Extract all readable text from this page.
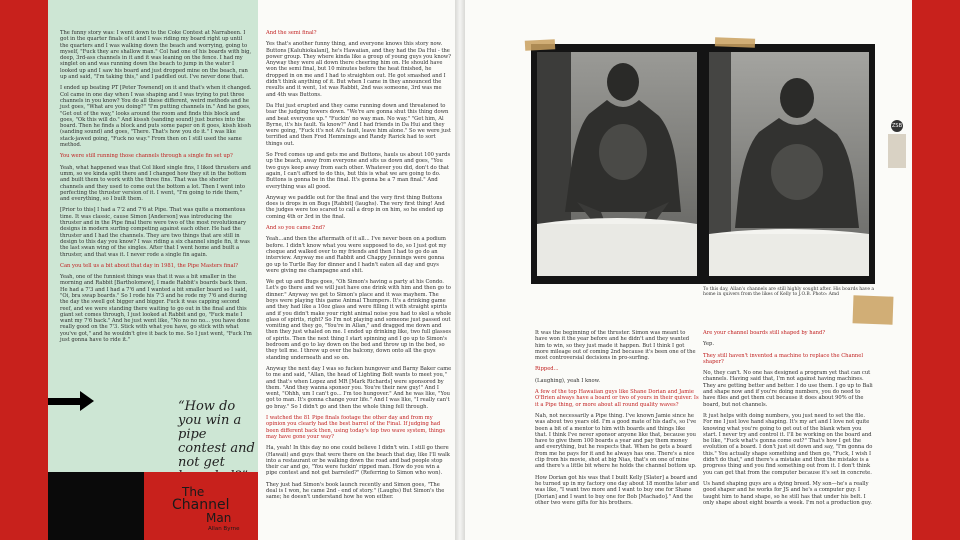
The funny story was: I went down to the Coke Contest at Narrabeen. I got in the quarter finals of it and I was riding my board right up until the quarters and I was walking down the beach and worrying, going to myself, "Fuck they are shallow man." Col had one of his boards with big, deep, 3rd-ass channels in it and it was leaning on the fence. I had my singlet on and was running down the beach to jump in the water I looked up and I saw his board and just dropped mine on the beach, ran up and said, "I'm taking this," and I paddled out. I've never done that.

I ended up beating PT [Peter Townend] on it and that's when it changed. Col came in one day when I was shaping and I was trying to put three channels in you know? You do all these different, weird methods and he just goes, "What are you doing?" "I'm putting channels in." And he goes, "Get out of the way," looks around the room and finds this block and goes, "Ok this will do." And kisssh (sanding sound) just buries into the board. Then he finds a block and puts some paper on it goes, kissh kissh (sanding sound) and goes, "There. That's how you do it." I was like stack-jawed going, "Fuck no way." From then on I still used the same method.

You were still running those channels through a single fin set up?

Yeah, what happened was that Col liked single fins, I liked thrusters and umm, so we kinda split there and I changed how they sit in the bottom and built them to work with the three fins. That was the shorter channels and they used to come out the bottom a lot. Then I went into perfecting the thruster version of it. I went, "I'm going to ride them," and everything, so I built them.

[Prior to this] I had a 7'2 and 7'6 at Pipe. That was quite a momentous time. It was classic, cause Simon [Anderson] was introducing the thruster and in the Pipe final there were two of the most revolutionary designs in modern surfing competing against each other. He had the thruster and I had the channels. They are two things that are still in design to this day you know? I was riding a six channel single fin, it was the last swan wing of the singles. After that I went home and built a thruster, and that was it. I never rode a single fin again.

Can you tell us a bit about that day in 1981, the Pipe Masters final?

Yeah, one of the funniest things was that it was a bit smaller in the morning and Rabbit [Bartholomew], I made Rabbit's boards back then. He had a 7'3 and I had a 7'6 and I wanted a bit smaller board so I said, "Oi, bra swap boards." So I rode his 7'3 and he rode my 7'6 and during the day the swell got bigger and bigger. Fuck it was capping second reef, and we were standing there waiting to go out in the final and this giant set comes through, I just looked at Rabbit and go, "Fuck mate I want my 7'6 back." And he just went like, "No no no no... you have done really good on the 7'3. Stick with what you have, go stick with what you've got," and he wouldn't give it back to me. So I just went, "Fuck I'm just gonna have to ride it."

And the semi final?

Yes that's another funny thing, and everyone knows this story now. Buttons [Kaluhiokalani], he's Hawaiian, and they had the Da Hui - the power group. They where kinda like a group of young guys you know? Anyway they were all down there cheering him on. He should have won the semi final, but 10 minutes before the heat finished, he dropped in on me and I had to straighten out. He got smashed and I didn't think anything of it. But when I came in they announced the results and it went, 1st was Rabbit, 2nd was someone, 3rd was me and 4th was Buttons.

Da Hui just erupted and they came running down and threatened to tear the judging towers down. "We're are gonna shut this thing down and beat everyone up." "Fuckin' no way man. No way." "Get him, Al Byrne, it's his fault. Ya know?" And I had friends in Da Hui and they were going, "Fuck it's not Al's fault, leave him alone." So we were just terrified and then Fred Hemmings and Randy Rarick had to sort things out.

So Fred comes up and gets me and Buttons, hauls us about 100 yards up the beach, away from everyone and sits us down and goes, "You two guys keep away from each other. Whatever you did, don't do that again, I can't afford to do this, but this is what we are going to do. Buttons is gonna be in the final. It's gonna be a 7 man final." And everything was all good.

Anyway we paddle out for the final and the very first thing Buttons does is drops in on Bugs [Rabbit] (laughs). The very first thing! And the judges were too scared to call a drop in on him, so he ended up coming 4th or 3rd in the final.

And so you came 2nd?

Yeah...and then the aftermath of it all... I've never been on a podium before. I didn't know what you were supposed to do, so I just got my cheque and walked over to my friends and then I had to go do an interview. Anyway me and Rabbit and Chappy Jennings were gonna go up to Turtle Bay for dinner and I hadn't eaten all day and guys were giving me champagne and shit.

We get up and Bugs goes, "Oh Simon's having a party at his Condo. Let's go there and we will just have one drink with him and then go to dinner." Anyway we get to Simon's place and it was mayhem. The boys were playing this game Animal Thumpers. It's a drinking game and they had like a 10oz glass and were filling it with straight spirits and if you didn't make your right animal noise you had to skol a whole glass of spirits, right? So I'm not playing and someone just passed out vomiting and they go, "You're in Allan," and dragged me down and then they just whaled on me. I ended up drinking like, two full glasses of spirits. Then the next thing I start spinning and I go up to Simon's bedroom and go to lay down on the bed and throw up in the bed, so they tell me. I threw up over the balcony, down onto all the guys standing underneath and so on.

Anyway the next day I was so fucken hungover and Barny Baker came to me and said, "Allan, the head of Lighting Bolt wants to meet you," and that's when Lopez and MR [Mark Richards] were sponsored by them. "And they wanna sponsor you. You're their new guy!" And I went, "Ohhh, um I can't go... I'm too hungover." And he was like, "You got to man. It's gonna change your life." And I was like, "I really can't go bray." So I didn't go and then the whole thing fell through.

I watched the 81 Pipe finals footage the other day and from my opinion you clearly had the best barrel of the Final. If judging had been different back then, using today's top two wave system, things may have gone your way?

Ha, yeah! In this day no one could believe I didn't win. I still go there (Hawaii) and guys that were there on the beach that day, like I'll walk into a restaurant or be walking down the road and bad people stop their car and go, "You were fuckin' ripped man. How do you win a pipe contest and not get barreled?" (Referring to Simon who won).

They just had Simon's book launch recently and Simon goes, "The deal is I won, he came 2nd - end of story." (Laughs) But Simon's the same; he doesn't understand how he won either.

“How do you win a pipe contest and not get
The
Channel
Man
Allan Byrne
To this day, Allan's channels are still highly sought after. His boards have a home in quivers from the likes of Kelly to J.O.B. Photo: Amd
ZSB

It was the beginning of the thruster. Simon was meant to have won it the year before and he didn't and they wanted him to win, so they just made it happen. But I think I got more mileage out of coming 2nd because it's been one of the most controversial decisions in pro-surfing.

Ripped...

(Laughing), yeah I know.

A few of the top Hawaiian guys like Shane Dorian and Jamie O'Brien always have a board or two of yours in their quiver. Is it a Pipe thing, or more about all round quality waves?

Nah, not necessarily a Pipe thing. I've known Jamie since he was about two years old. I'm a good mate of his dad's, so I've been a bit of a mentor to him with boards and things like that. I think I've never sponsor anyone like that, because you have to give them 100 boards a year and pay them money and everything, but he respects that. When he gets a board from me he pays for it and he always has one. There's a nice clip from his movie, shot at big Nias, that's on one of mine and there's a little bit where he holds the channel bottom up.

How Dorian got his was that I built Kelly [Slater] a board and he turned up in my factory one day about 18 months later and was like, "I want two more and I want to buy one for Shane [Dorian] and I want to buy one for Bob [Machado]." And the other two were gifts for his brothers.

Are your channel boards still shaped by hand?

Yep.

They still haven't invented a machine to replace the Channel shaper?

No, they can't. No one has designed a program yet that can cut channels. Having said that, I'm not against having machines. They are getting better and better. I do use them. I go up to Bali and shape now and if you're doing numbers, you do need to have files and get them cut because it does about 90% of the board, but not channels.

It just helps with doing numbers, you just need to set the file. For me I just love hand shaping. It's my art and I love not quite knowing what you're going to get out of the blank when you start. I never try and control it. I'll be working on the board and be like, "Fuck what's gonna come out?" That's how I get the evolution of a board. I don't just sit down and say, "I'm gonna do this." You actually shape something and then go, "Fuck, I wish I didn't do that," and there's a mistake and then the mistake is a progress thing and you find something out from it. I don't think you can get that from the computer because it's set in concrete.

Us hand shaping guys are a dying breed. My son—he's a really good shaper and he works for JS and he's a computer guy. I taught him to hand shape, so he still has that under his belt. I only shape about eight boards a week. I'm not a production guy.
